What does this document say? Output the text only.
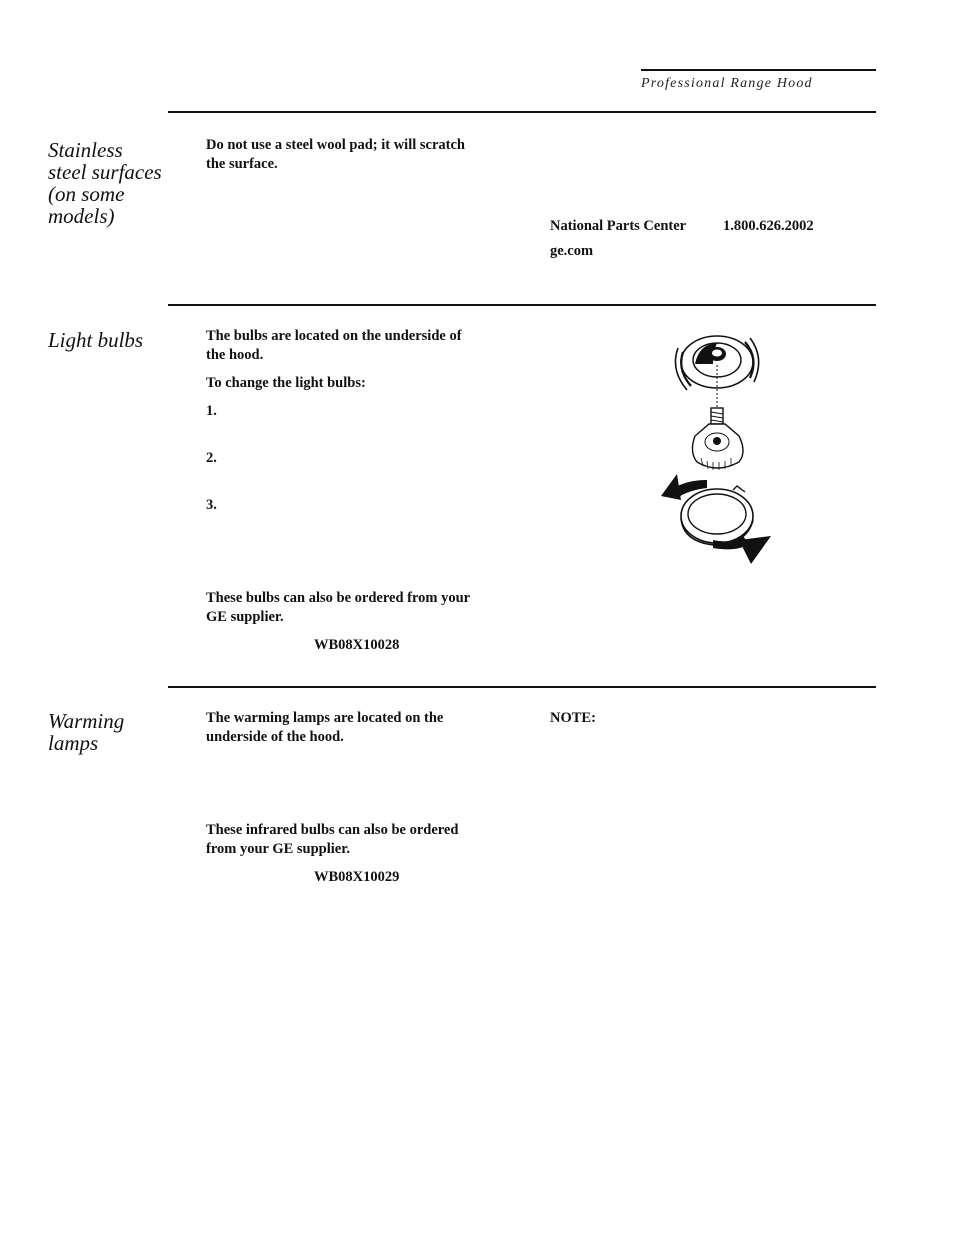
Professional Range Hood
Stainless
steel surfaces
(on some
models)
Do not use a steel wool pad; it will scratch
the surface.
National Parts Center	1.800.626.2002
ge.com
Light bulbs	The bulbs are located on the underside of
the hood.
To change the light bulbs:
1.
2.
3.
These bulbs can also be ordered from your
GE supplier.
WB08X10028
Warming
lamps
The warming lamps are located on the
underside of the hood.
NOTE:
These infrared bulbs can also be ordered
from your GE supplier.
WB08X10029
